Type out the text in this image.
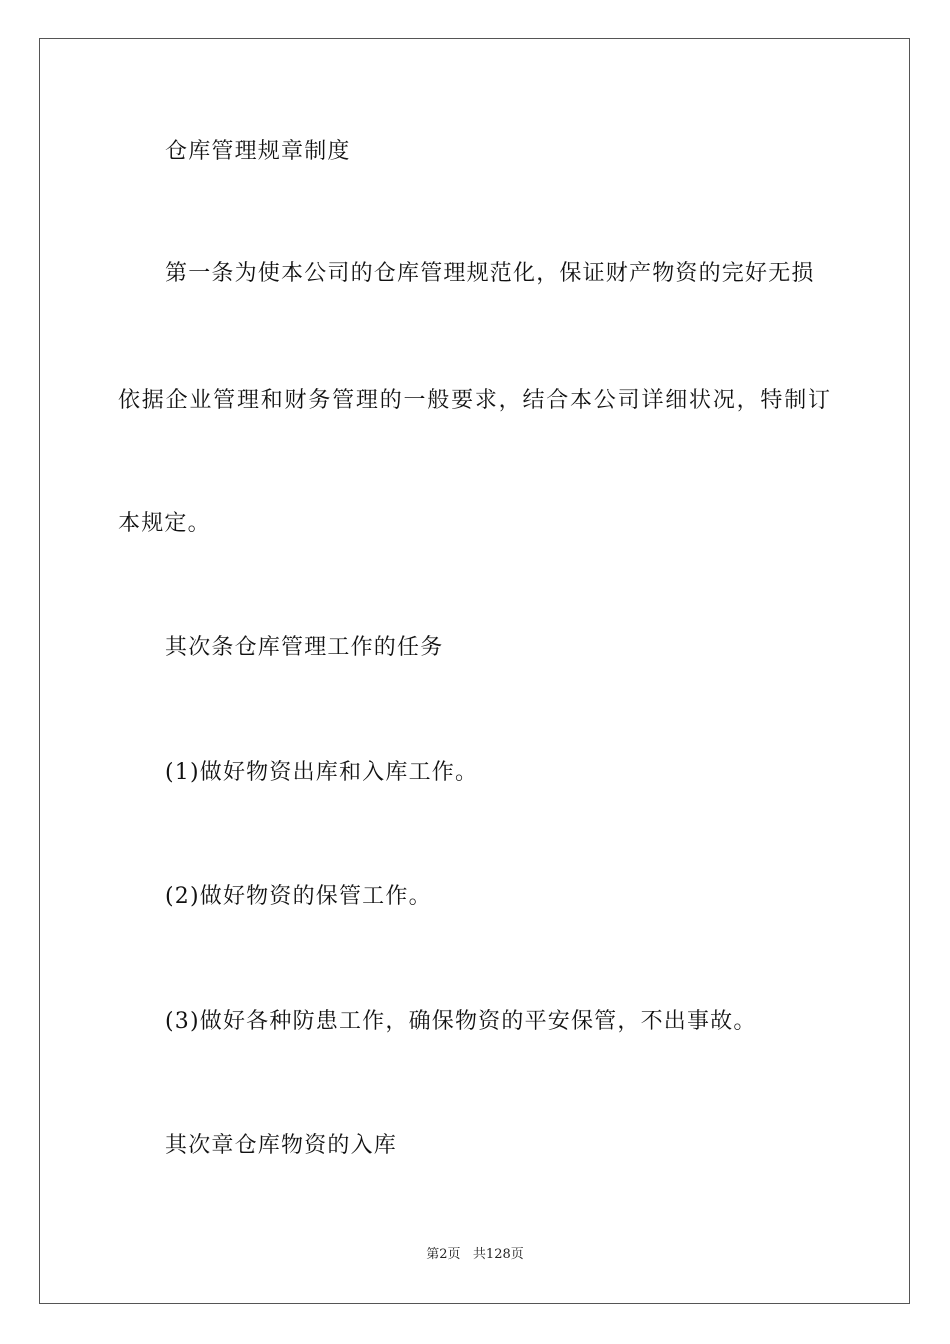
仓库管理规章制度
第一条为使本公司的仓库管理规范化，保证财产物资的完好无损
依据企业管理和财务管理的一般要求，结合本公司详细状况，特制订
本规定。
其次条仓库管理工作的任务
(1)做好物资出库和入库工作。
(2)做好物资的保管工作。
(3)做好各种防患工作，确保物资的平安保管，不出事故。
其次章仓库物资的入库
第2页 共128页
